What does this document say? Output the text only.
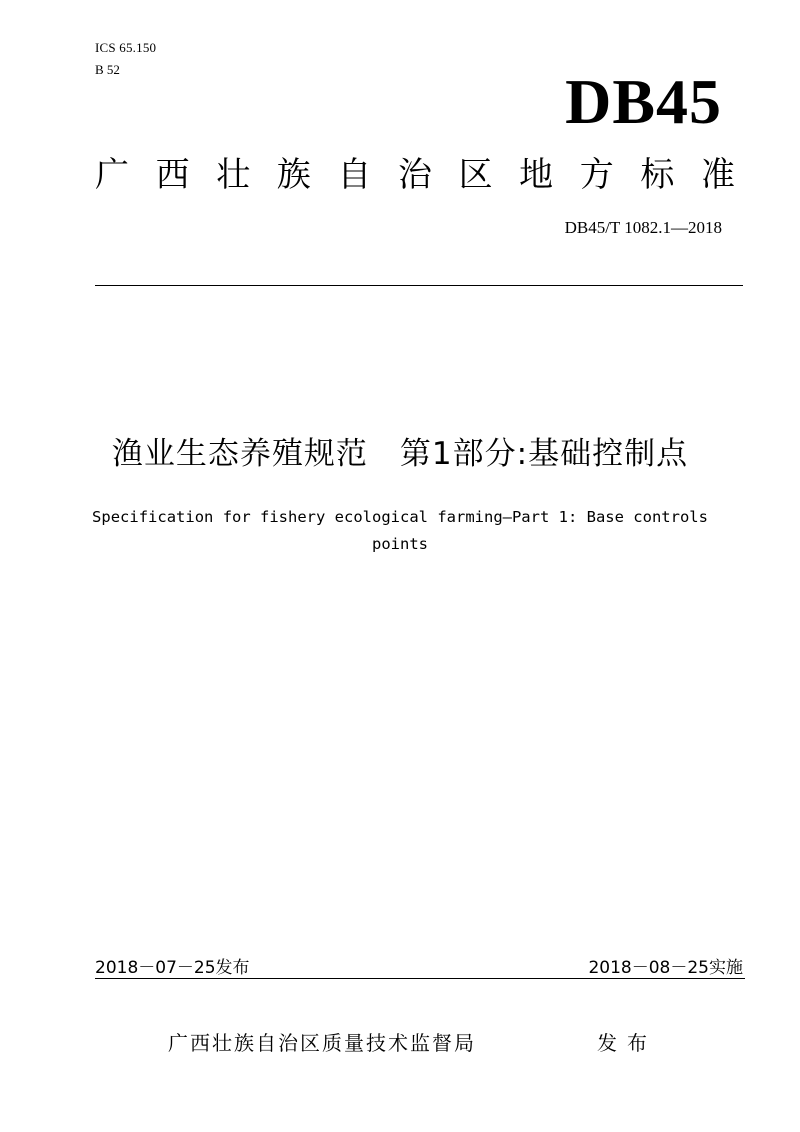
ICS 65.150
B 52	DB45
广 西 壮 族 自 治 区 地 方 标 准
DB45/T 1082.1—2018
渔业生态养殖规范　第1部分:基础控制点
Specification for fishery ecological farming—Part 1: Base controls points
2018－07－25发布	2018－08－25实施
广西壮族自治区质量技术监督局	发布
